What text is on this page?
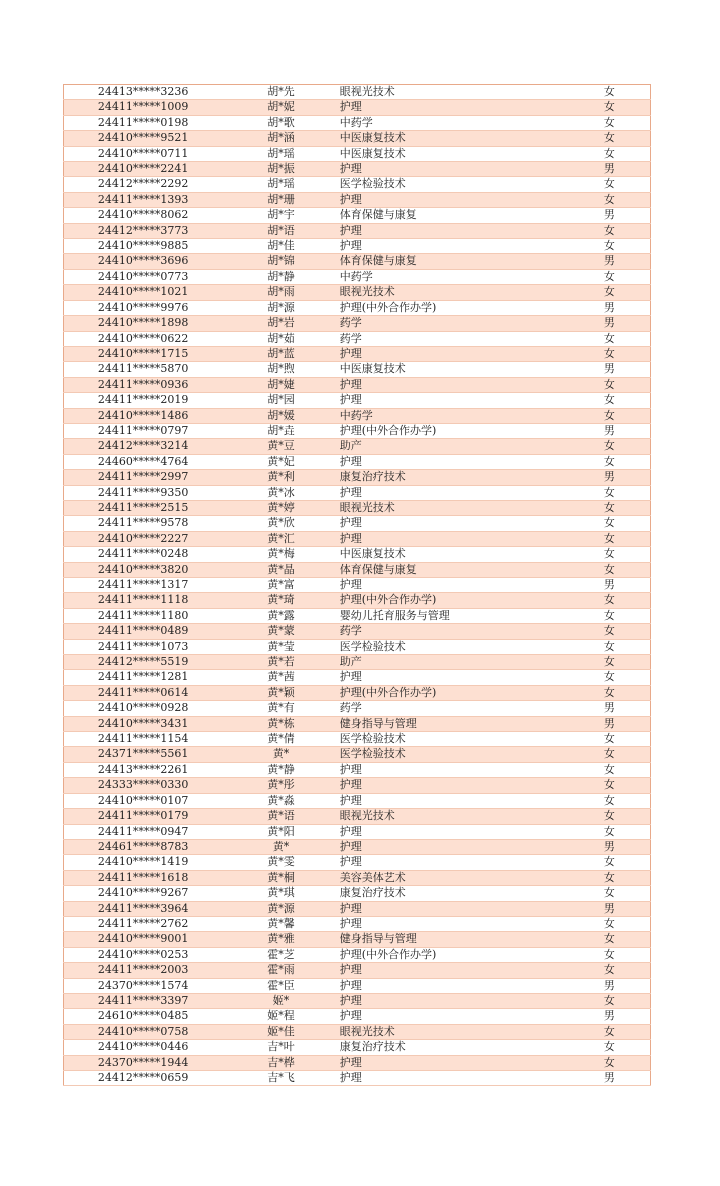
24413*****3236	胡*先	眼视光技术	女
24411*****1009	胡*妮	护理	女
24411*****0198	胡*歌	中药学	女
24410*****9521	胡*涵	中医康复技术	女
24410*****0711	胡*瑶	中医康复技术	女
24410*****2241	胡*振	护理	男
24412*****2292	胡*瑶	医学检验技术	女
24411*****1393	胡*珊	护理	女
24410*****8062	胡*宇	体育保健与康复	男
24412*****3773	胡*语	护理	女
24410*****9885	胡*佳	护理	女
24410*****3696	胡*锦	体育保健与康复	男
24410*****0773	胡*静	中药学	女
24410*****1021	胡*雨	眼视光技术	女
24410*****9976	胡*源	护理(中外合作办学)	男
24410*****1898	胡*岩	药学	男
24410*****0622	胡*茹	药学	女
24410*****1715	胡*蓝	护理	女
24411*****5870	胡*煦	中医康复技术	男
24411*****0936	胡*婕	护理	女
24411*****2019	胡*园	护理	女
24410*****1486	胡*媛	中药学	女
24411*****0797	胡*垚	护理(中外合作办学)	男
24412*****3214	黄*豆	助产	女
24460*****4764	黄*妃	护理	女
24411*****2997	黄*利	康复治疗技术	男
24411*****9350	黄*冰	护理	女
24411*****2515	黄*婷	眼视光技术	女
24411*****9578	黄*欣	护理	女
24410*****2227	黄*汇	护理	女
24411*****0248	黄*梅	中医康复技术	女
24410*****3820	黄*晶	体育保健与康复	女
24411*****1317	黄*富	护理	男
24411*****1118	黄*琦	护理(中外合作办学)	女
24411*****1180	黄*露	婴幼儿托育服务与管理	女
24411*****0489	黄*蒙	药学	女
24411*****1073	黄*莹	医学检验技术	女
24412*****5519	黄*若	助产	女
24411*****1281	黄*茜	护理	女
24411*****0614	黄*颖	护理(中外合作办学)	女
24410*****0928	黄*有	药学	男
24410*****3431	黄*栋	健身指导与管理	男
24411*****1154	黄*倩	医学检验技术	女
24371*****5561	黄*	医学检验技术	女
24413*****2261	黄*静	护理	女
24333*****0330	黄*彤	护理	女
24410*****0107	黄*淼	护理	女
24411*****0179	黄*语	眼视光技术	女
24411*****0947	黄*阳	护理	女
24461*****8783	黄*	护理	男
24410*****1419	黄*雯	护理	女
24411*****1618	黄*桐	美容美体艺术	女
24410*****9267	黄*琪	康复治疗技术	女
24411*****3964	黄*源	护理	男
24411*****2762	黄*馨	护理	女
24410*****9001	黄*雅	健身指导与管理	女
24410*****0253	霍*芝	护理(中外合作办学)	女
24411*****2003	霍*雨	护理	女
24370*****1574	霍*臣	护理	男
24411*****3397	姬*	护理	女
24610*****0485	姬*程	护理	男
24410*****0758	姬*佳	眼视光技术	女
24410*****0446	吉*叶	康复治疗技术	女
24370*****1944	吉*桦	护理	女
24412*****0659	吉*飞	护理	男
